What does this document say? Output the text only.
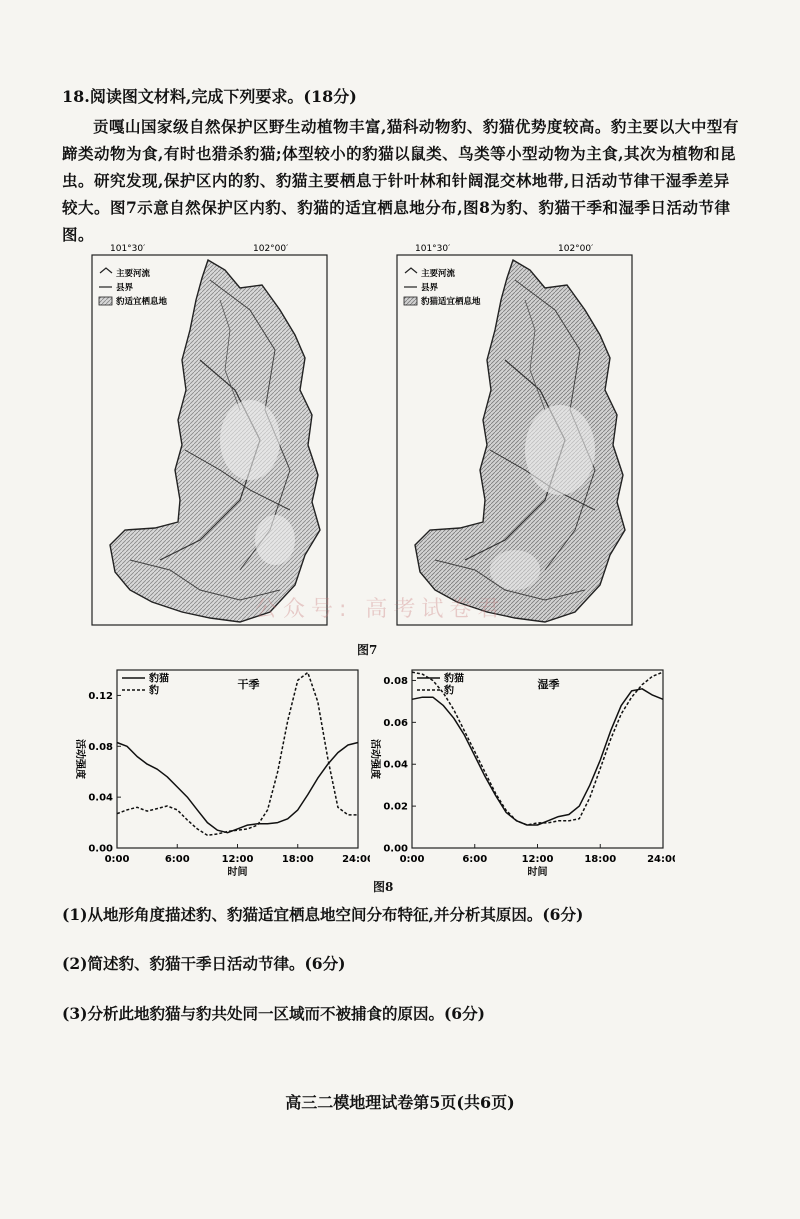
18.阅读图文材料,完成下列要求。(18分)
贡嘎山国家级自然保护区野生动植物丰富,猫科动物豹、豹猫优势度较高。豹主要以大中型有蹄类动物为食,有时也猎杀豹猫;体型较小的豹猫以鼠类、鸟类等小型动物为主食,其次为植物和昆虫。研究发现,保护区内的豹、豹猫主要栖息于针叶林和针阔混交林地带,日活动节律干湿季差异较大。图7示意自然保护区内豹、豹猫的适宜栖息地分布,图8为豹、豹猫干季和湿季日活动节律图。
101°30′	102°00′
主要河流
县界
豹适宜栖息地
101°30′	102°00′
主要河流
县界
豹猫适宜栖息地
公众号: 高考试卷君
图7
0.00
0.04
0.08
0.12
0:00	6:00	12:00	18:00	24:0
时间
活动强度
干季
豹猫
豹
0.00
0.02
0.04
0.06
0.08
0:00	6:00	12:00	18:00	24:0
时间
活动强度
湿季
豹猫
豹
图8
(1)从地形角度描述豹、豹猫适宜栖息地空间分布特征,并分析其原因。(6分)
(2)简述豹、豹猫干季日活动节律。(6分)
(3)分析此地豹猫与豹共处同一区域而不被捕食的原因。(6分)
高三二模地理试卷第5页(共6页)
